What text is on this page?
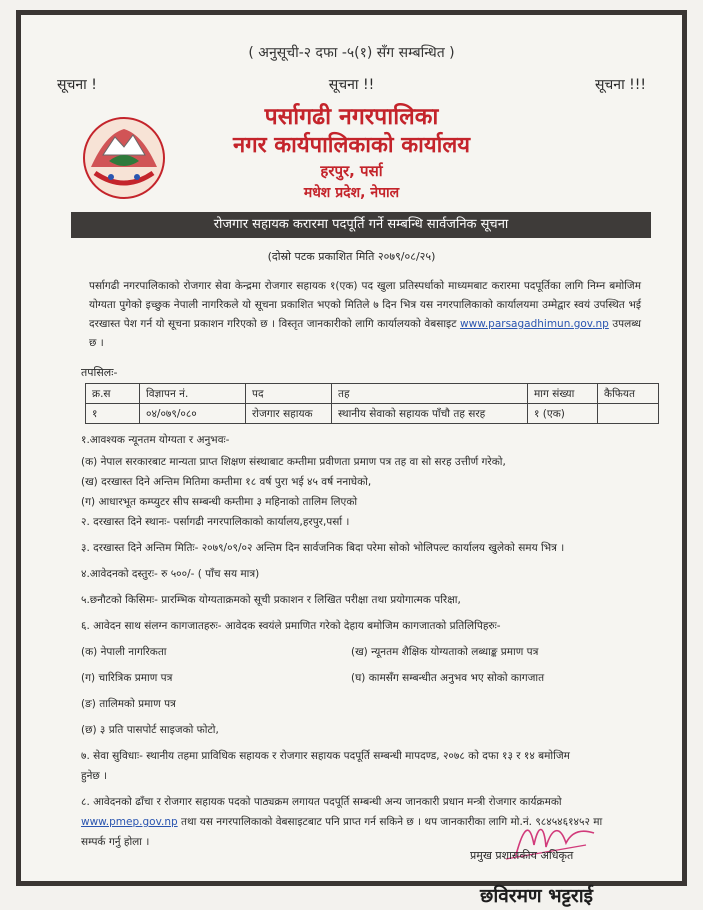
( अनुसूची-२ दफा -५(१) सँग सम्बन्धित )
सूचना !	सूचना !!	सूचना !!!
पर्सागढी नगरपालिका
नगर कार्यपालिकाको कार्यालय
हरपुर, पर्सा
मधेश प्रदेश, नेपाल
रोजगार सहायक करारमा पदपूर्ति गर्ने सम्बन्धि सार्वजनिक सूचना
(दोस्रो पटक प्रकाशित मिति २०७९/०८/२५)
पर्सागढी नगरपालिकाको रोजगार सेवा केन्द्रमा रोजगार सहायक १(एक) पद खुला प्रतिस्पर्धाको माध्यमबाट करारमा पदपूर्तिका लागि निम्न बमोजिम योग्यता पुगेको इच्छुक नेपाली नागरिकले यो सूचना प्रकाशित भएको मितिले ७ दिन भित्र यस नगरपालिकाको कार्यालयमा उम्मेद्वार स्वयं उपस्थित भई दरखास्त पेश गर्न यो सूचना प्रकाशन गरिएको छ । विस्तृत जानकारीको लागि कार्यालयको वेबसाइट www.parsagadhimun.gov.np उपलब्ध छ ।
तपसिलः-
क्र.स	विज्ञापन नं.	पद	तह	माग संख्या	कैफियत
१	०४/०७९/०८०	रोजगार सहायक	स्थानीय सेवाको सहायक पाँचौ तह सरह	१ (एक)	
१.आवश्यक न्यूनतम योग्यता र अनुभवः-
(क) नेपाल सरकारबाट मान्यता प्राप्त शिक्षण संस्थाबाट कम्तीमा प्रवीणता प्रमाण पत्र तह वा सो सरह उत्तीर्ण गरेको,
(ख) दरखास्त दिने अन्तिम मितिमा कम्तीमा १८ वर्ष पुरा भई ४५ वर्ष ननाघेको,
(ग) आधारभूत कम्प्युटर सीप सम्बन्धी कम्तीमा ३ महिनाको तालिम लिएको
२. दरखास्त दिने स्थानः- पर्सागढी नगरपालिकाको कार्यालय,हरपुर,पर्सा ।
३. दरखास्त दिने अन्तिम मितिः- २०७९/०९/०२ अन्तिम दिन सार्वजनिक बिदा परेमा सोको भोलिपल्ट कार्यालय खुलेको समय भित्र ।
४.आवेदनको दस्तुरः- रु ५००/- ( पाँच सय मात्र)
५.छनौटको किसिमः- प्रारम्भिक योग्यताक्रमको सूची प्रकाशन र लिखित परीक्षा तथा प्रयोगात्मक परिक्षा,
६. आवेदन साथ संलग्न कागजातहरुः- आवेदक स्वयंले प्रमाणित गरेको देहाय बमोजिम कागजातको प्रतिलिपिहरुः-
(क) नेपाली नागरिकता	(ख) न्यूनतम शैक्षिक योग्यताको लब्धाङ्क प्रमाण पत्र
(ग) चारित्रिक प्रमाण पत्र	(घ) कामसँग सम्बन्धीत अनुभव भए सोको कागजात
(ङ) तालिमको प्रमाण पत्र
(छ) ३ प्रति पासपोर्ट साइजको फोटो,
७. सेवा सुविधाः- स्थानीय तहमा प्राविधिक सहायक र रोजगार सहायक पदपूर्ति सम्बन्धी मापदण्ड, २०७८ को दफा १३ र १४ बमोजिम
हुनेछ ।
८. आवेदनको ढाँचा र रोजगार सहायक पदको पाठ्यक्रम लगायत पदपूर्ति सम्बन्धी अन्य जानकारी प्रधान मन्त्री रोजगार कार्यक्रमको
www.pmep.gov.np तथा यस नगरपालिकाको वेबसाइटबाट पनि प्राप्त गर्न सकिने छ । थप जानकारीका लागि मो.नं. ९८४५४६१४५२ मा
सम्पर्क गर्नु होला ।
प्रमुख प्रशासकीय अधिकृत
छविरमण भट्टराई
